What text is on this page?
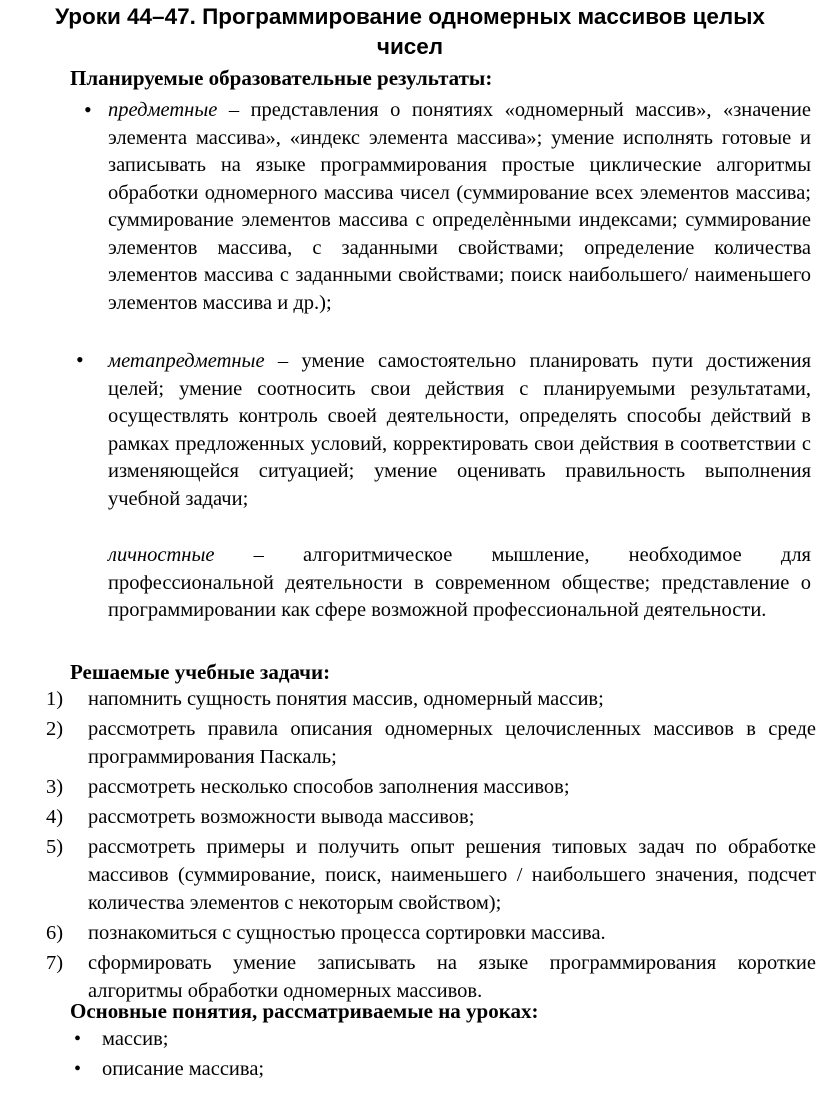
Уроки 44–47. Программирование одномерных массивов целых чисел
Планируемые образовательные результаты:
• предметные – представления о понятиях «одномерный массив», «значение элемента массива», «индекс элемента массива»; умение исполнять готовые и записывать на языке программирования простые циклические алгоритмы обработки одномерного массива чисел (суммирование всех элементов массива; суммирование элементов массива с определѐнными индексами; суммирование элементов массива, с заданными свойствами; определение количества элементов массива с заданными свойствами; поиск наибольшего/ наименьшего элементов массива и др.);
• метапредметные – умение самостоятельно планировать пути достижения целей; умение соотносить свои действия с планируемыми результатами, осуществлять контроль своей деятельности, определять способы действий в рамках предложенных условий, корректировать свои действия в соответствии с изменяющейся ситуацией; умение оценивать правильность выполнения учебной задачи;
личностные – алгоритмическое мышление, необходимое для профессиональной деятельности в современном обществе; представление о программировании как сфере возможной профессиональной деятельности.
Решаемые учебные задачи:
1) напомнить сущность понятия массив, одномерный массив;
2) рассмотреть правила описания одномерных целочисленных массивов в среде программирования Паскаль;
3) рассмотреть несколько способов заполнения массивов;
4) рассмотреть возможности вывода массивов;
5) рассмотреть примеры и получить опыт решения типовых задач по обработке массивов (суммирование, поиск, наименьшего / наибольшего значения, подсчет количества элементов с некоторым свойством);
6) познакомиться с сущностью процесса сортировки массива.
7) сформировать умение записывать на языке программирования короткие алгоритмы обработки одномерных массивов.
Основные понятия, рассматриваемые на уроках:
• массив;
• описание массива;
